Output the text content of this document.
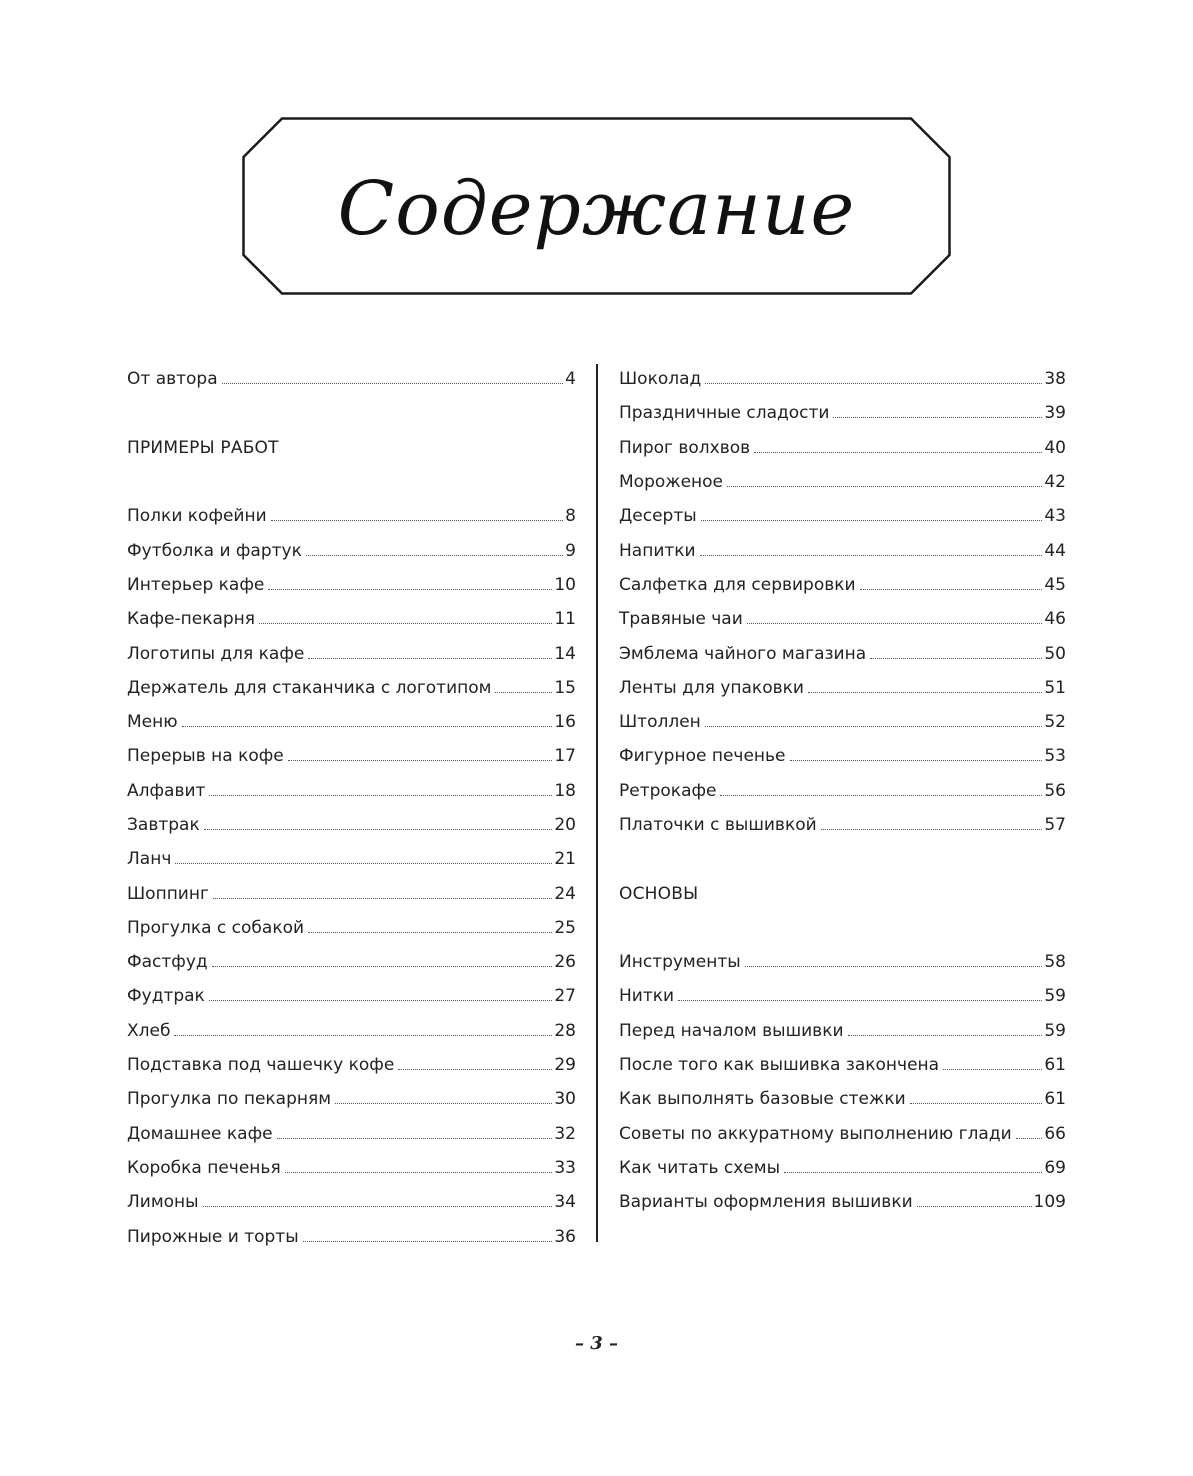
Содержание
От автора	4
ПРИМЕРЫ РАБОТ
Полки кофейни	8
Футболка и фартук	9
Интерьер кафе	10
Кафе-пекарня	11
Логотипы для кафе	14
Держатель для стаканчика с логотипом	15
Меню	16
Перерыв на кофе	17
Алфавит	18
Завтрак	20
Ланч	21
Шоппинг	24
Прогулка с собакой	25
Фастфуд	26
Фудтрак	27
Хлеб	28
Подставка под чашечку кофе	29
Прогулка по пекарням	30
Домашнее кафе	32
Коробка печенья	33
Лимоны	34
Пирожные и торты	36
Шоколад	38
Праздничные сладости	39
Пирог волхвов	40
Мороженое	42
Десерты	43
Напитки	44
Салфетка для сервировки	45
Травяные чаи	46
Эмблема чайного магазина	50
Ленты для упаковки	51
Штоллен	52
Фигурное печенье	53
Ретрокафе	56
Платочки с вышивкой	57
ОСНОВЫ
Инструменты	58
Нитки	59
Перед началом вышивки	59
После того как вышивка закончена	61
Как выполнять базовые стежки	61
Советы по аккуратному выполнению глади 66
Как читать схемы	69
Варианты оформления вышивки	109
– 3 –
